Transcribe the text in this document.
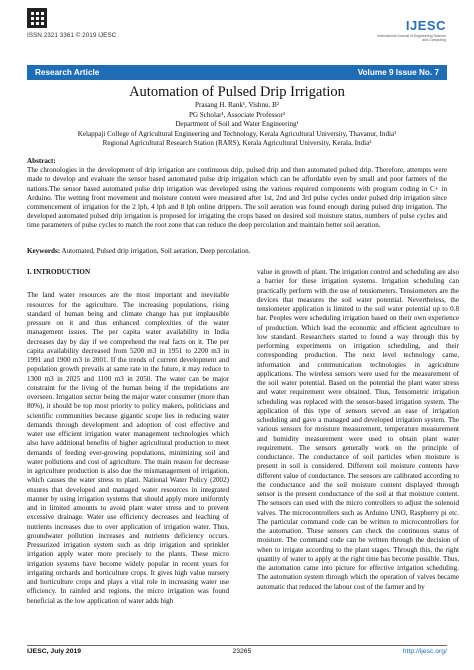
ISSN 2321 3361 © 2019 IJESC
IJESC
International Journal of Engineering Science and Computing
Research Article	Volume 9 Issue No. 7
Automation of Pulsed Drip Irrigation
Prasang H. Rank¹, Vishnu. B²
PG Scholar¹, Associate Professor²
Department of Soil and Water Engineering¹
Kelappaji College of Agricultural Engineering and Technology, Kerala Agricultural University, Thavanur, India¹
Regional Agricultural Research Station (RARS), Kerala Agricultural University, Kerala, India²
Abstract:
The chronologies in the development of drip irrigation are continuous drip, pulsed drip and then automated pulsed drip. Therefore, attempts were made to develop and evaluate the sensor based automated pulse drip irrigation which can be affordable even by small and poor farmers of the nations.The sensor based automated pulse drip irrigation was developed using the various required components with program coding in C+ in Arduino. The wetting front movement and moisture content were measured after 1st, 2nd and 3rd pulse cycles under pulsed drip irrigation since commencement of irrigation for the 2 lph, 4 lph and 8 lph online drippers. The soil aeration was found enough during pulsed drip irrigation. The developed automated pulsed drip irrigation is proposed for irrigating the crops based on desired soil moisture status, numbers of pulse cycles and time parameters of pulse cycles to match the root zone that can reduce the deep percolation and maintain better soil aeration.
Keywords: Automated, Pulsed drip irrigation, Soil aeration, Deep percolation.
I. INTRODUCTION

The land water resources are the most important and inevitable resources for the agriculture. The increasing populations, rising standard of human being and climate change has put implausible pressure on it and thus enhanced complexities of the water management issues. The per capita water availability in India decreases day by day if we comprehend the real facts on it. The per capita availability decreased from 5200 m3 in 1951 to 2200 m3 in 1991 and 1900 m3 in 2001. If the trends of current development and population growth prevails at same rate in the future, it may reduce to 1300 m3 in 2025 and 1100 m3 in 2050. The water can be major constraint for the living of the human being if the trepidations are overseen. Irrigation sector being the major water consumer (more than 80%), it should be top most priority to policy makers, politicians and scientific communities because gigantic scope lies in reducing water demands through development and adoption of cost effective and water use efficient irrigation water management technologies which also have additional benefits of higher agricultural production to meet demands of feeding ever-growing populations, minimizing soil and water pollutions and cost of agriculture. The main reason for decrease in agriculture production is also due the mismanagement of irrigation, which causes the water stress to plant. National Water Policy (2002) ensures that developed and managed water resources in integrated manner by using irrigation systems that should apply more uniformly and in limited amounts to avoid plant water stress and to prevent excessive drainage. Water use efficiency decreases and leaching of nutrients increases due to over application of irrigation water. Thus, groundwater pollution increases and nutrients deficiency occurs. Pressurized irrigation system such as drip irrigation and sprinkler irrigation apply water more precisely to the plants. These micro irrigation systems have become widely popular in recent years for irrigating orchards and horticulture crops. It gives high value nursery and horticulture crops and plays a vital role in increasing water use efficiency. In rainfed arid regions, the micro irrigation was found beneficial as the low application of water adds high

value in growth of plant. The irrigation control and scheduling are also a barrier for these irrigation systems. Irrigation scheduling can practically perform with the use of tensiometers. Tensiometers are the devices that measures the soil water potential. Nevertheless, the tensiometer application is limited to the soil water potential up to 0.8 bar. Peoples were scheduling irrigation based on their own experience of production. Which lead the economic and efficient agriculture to low standard. Researchers started to found a way through this by performing experiments on irrigation scheduling, and their corresponding production. The next level technology came, information and communication technologies in agriculture applications. The wireless sensors were used for the measurement of the soil water potential. Based on the potential the plant water stress and water requirement were obtained. Thus, Tensometric irrigation scheduling was replaced with the sensor-based irrigation system. The application of this type of sensors served an ease of irrigation scheduling and gave a managed and developed irrigation system. The various sensors for moisture measurement, temperature measurement and humidity measurement were used to obtain plant water requirement. The sensors generally work on the principle of conductance. The conductance of soil particles when moisture is present in soil is considered. Different soil moisture contents have different value of conductance. The sensors are calibrated according to the conductance and the soil moisture content displayed through sensor is the present conductance of the soil at that moisture content. The sensors can used with the micro controllers to adjust the solenoid valves. The microcontrollers such as Arduino UNO, Raspberry pi etc. The particular command code can be written to microcontrollers for the automation. These sensors can check the continuous status of moisture. The command code can be written through the decision of when to irrigate according to the plant stages. Through this, the right quantity of water to apply at the right time has become possible. Thus, the automation came into picture for effective irrigation scheduling. The automation system through which the operation of valves became automatic that reduced the labour cost of the farmer and by

IJESC, July 2019	23265	http://ijesc.org/
